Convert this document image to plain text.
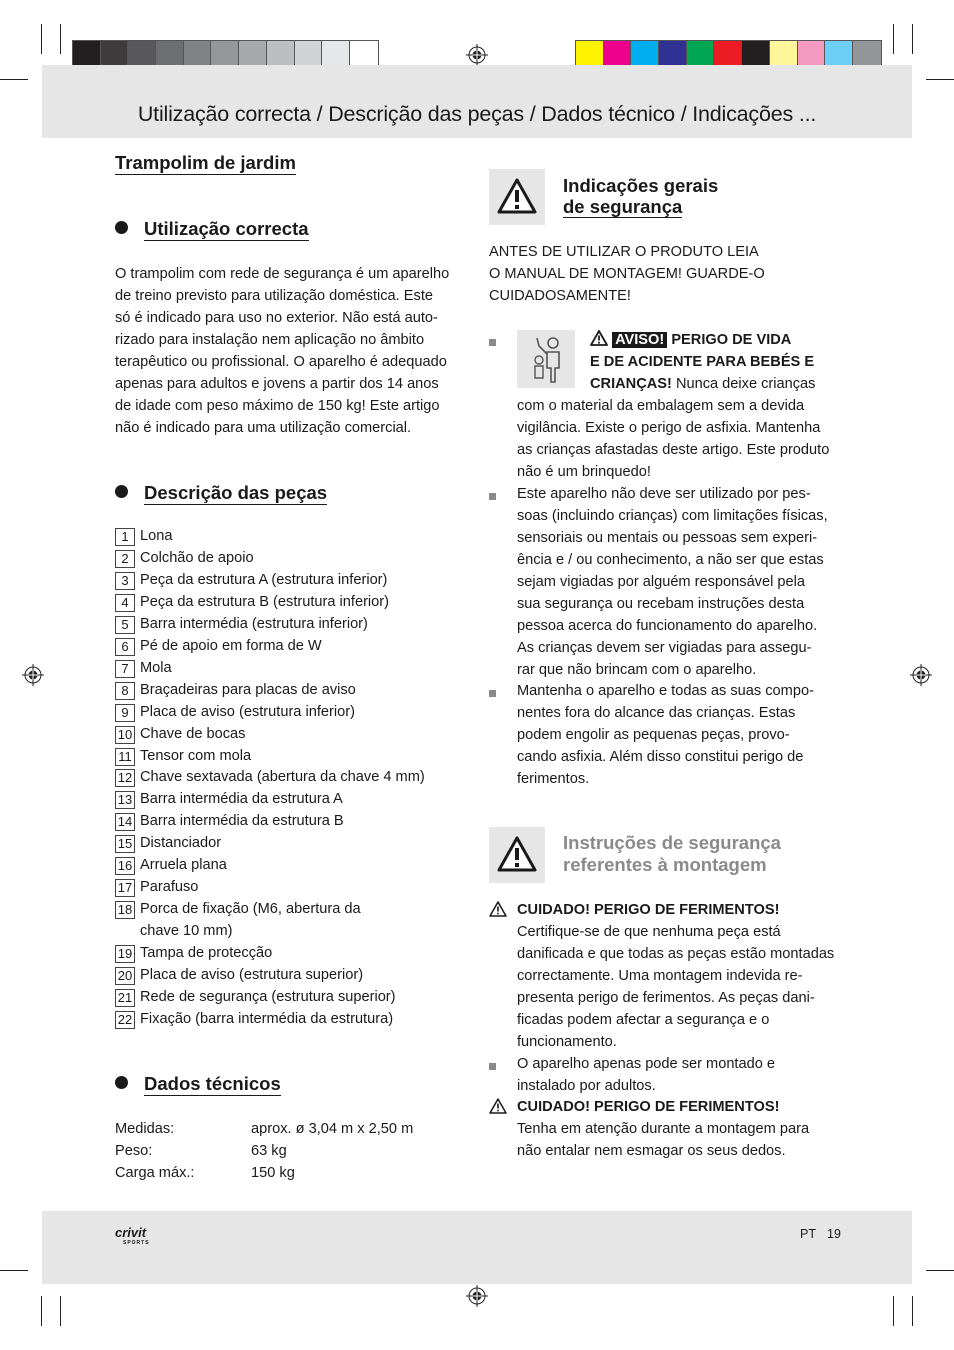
Utilização correcta / Descrição das peças / Dados técnico / Indicações ...
Trampolim de jardim
Utilização correcta
O trampolim com rede de segurança é um aparelho
de treino previsto para utilização doméstica. Este
só é indicado para uso no exterior. Não está auto-
rizado para instalação nem aplicação no âmbito
terapêutico ou profissional. O aparelho é adequado
apenas para adultos e jovens a partir dos 14 anos
de idade com peso máximo de 150 kg! Este artigo
não é indicado para uma utilização comercial.
Descrição das peças
1 Lona
2 Colchão de apoio
3 Peça da estrutura A (estrutura inferior)
4 Peça da estrutura B (estrutura inferior)
5 Barra intermédia (estrutura inferior)
6 Pé de apoio em forma de W
7 Mola
8 Braçadeiras para placas de aviso
9 Placa de aviso (estrutura inferior)
10 Chave de bocas
11 Tensor com mola
12 Chave sextavada (abertura da chave 4 mm)
13 Barra intermédia da estrutura A
14 Barra intermédia da estrutura B
15 Distanciador
16 Arruela plana
17 Parafuso
18 Porca de fixação (M6, abertura da
chave 10 mm)
19 Tampa de protecção
20 Placa de aviso (estrutura superior)
21 Rede de segurança (estrutura superior)
22 Fixação (barra intermédia da estrutura)
Dados técnicos
Medidas:	aprox. ø 3,04 m x 2,50 m
Peso:	63 kg
Carga máx.:	150 kg
Indicações gerais
de segurança
ANTES DE UTILIZAR O PRODUTO LEIA
O MANUAL DE MONTAGEM! GUARDE-O
CUIDADOSAMENTE!
AVISO! PERIGO DE VIDA
E DE ACIDENTE PARA BEBÉS E
CRIANÇAS! Nunca deixe crianças
com o material da embalagem sem a devida
vigilância. Existe o perigo de asfixia. Mantenha
as crianças afastadas deste artigo. Este produto
não é um brinquedo!
Este aparelho não deve ser utilizado por pes-
soas (incluindo crianças) com limitações físicas,
sensoriais ou mentais ou pessoas sem experi-
ência e / ou conhecimento, a não ser que estas
sejam vigiadas por alguém responsável pela
sua segurança ou recebam instruções desta
pessoa acerca do funcionamento do aparelho.
As crianças devem ser vigiadas para assegu-
rar que não brincam com o aparelho.
Mantenha o aparelho e todas as suas compo-
nentes fora do alcance das crianças. Estas
podem engolir as pequenas peças, provo-
cando asfixia. Além disso constitui perigo de
ferimentos.
Instruções de segurança
referentes à montagem
CUIDADO! PERIGO DE FERIMENTOS!
Certifique-se de que nenhuma peça está
danificada e que todas as peças estão montadas
correctamente. Uma montagem indevida re-
presenta perigo de ferimentos. As peças dani-
ficadas podem afectar a segurança e o
funcionamento.
O aparelho apenas pode ser montado e
instalado por adultos.
CUIDADO! PERIGO DE FERIMENTOS!
Tenha em atenção durante a montagem para
não entalar nem esmagar os seus dedos.
crivit
SPORTS
PT 19
